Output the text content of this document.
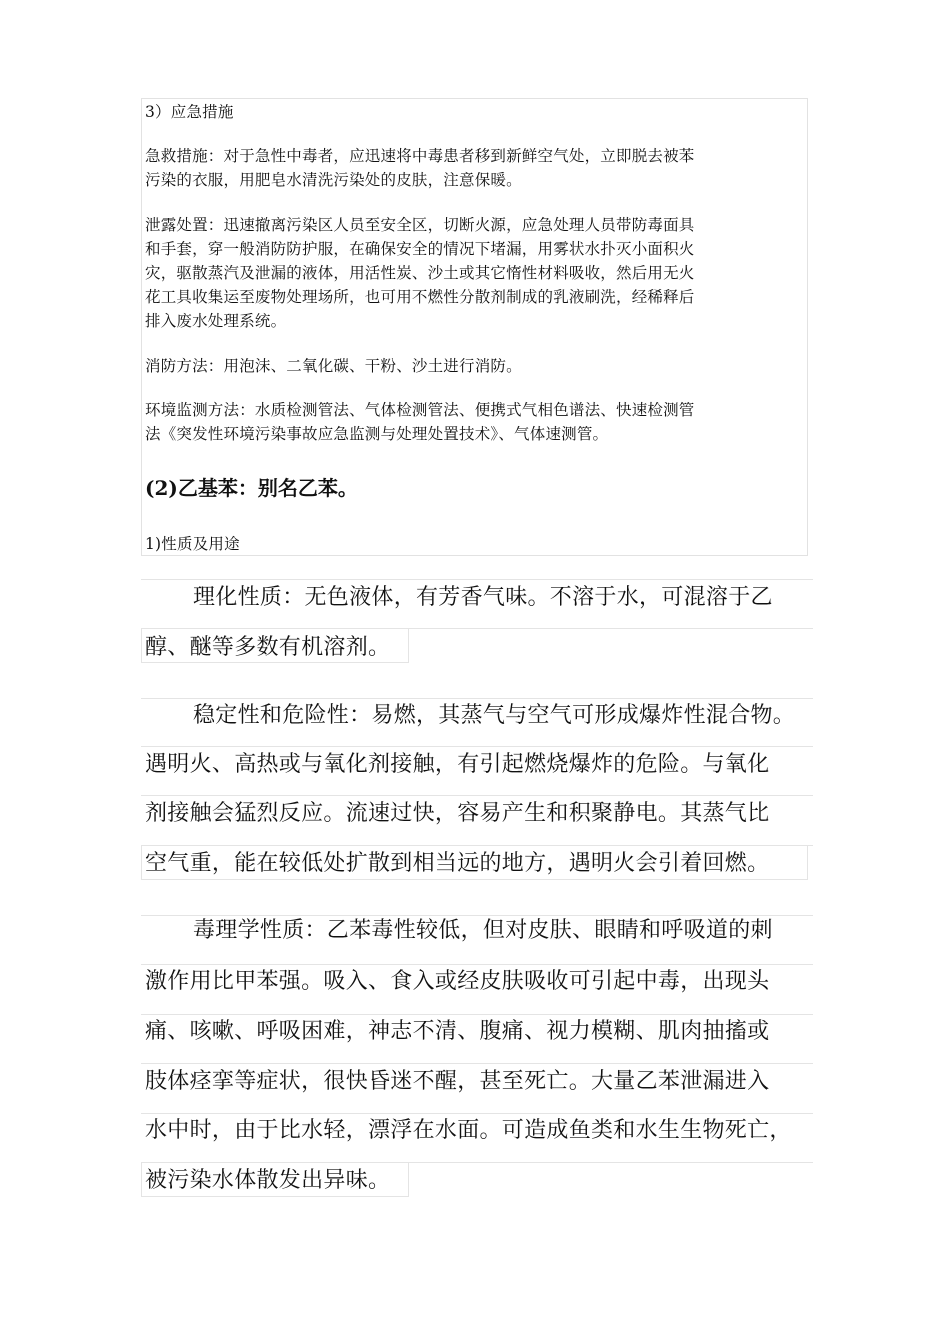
3）应急措施
急救措施：对于急性中毒者，应迅速将中毒患者移到新鲜空气处，立即脱去被苯
污染的衣服，用肥皂水清洗污染处的皮肤，注意保暖。
泄露处置：迅速撤离污染区人员至安全区，切断火源，应急处理人员带防毒面具
和手套，穿一般消防防护服，在确保安全的情况下堵漏，用雾状水扑灭小面积火
灾，驱散蒸汽及泄漏的液体，用活性炭、沙土或其它惰性材料吸收，然后用无火
花工具收集运至废物处理场所，也可用不燃性分散剂制成的乳液刷洗，经稀释后
排入废水处理系统。
消防方法：用泡沫、二氧化碳、干粉、沙土进行消防。
环境监测方法：水质检测管法、气体检测管法、便携式气相色谱法、快速检测管
法《突发性环境污染事故应急监测与处理处置技术》、气体速测管。
(2)乙基苯：别名乙苯。
1)性质及用途
理化性质：无色液体，有芳香气味。不溶于水，可混溶于乙
醇、醚等多数有机溶剂。
稳定性和危险性：易燃，其蒸气与空气可形成爆炸性混合物。
遇明火、高热或与氧化剂接触，有引起燃烧爆炸的危险。与氧化
剂接触会猛烈反应。流速过快，容易产生和积聚静电。其蒸气比
空气重，能在较低处扩散到相当远的地方，遇明火会引着回燃。
毒理学性质：乙苯毒性较低，但对皮肤、眼睛和呼吸道的刺
激作用比甲苯强。吸入、食入或经皮肤吸收可引起中毒，出现头
痛、咳嗽、呼吸困难，神志不清、腹痛、视力模糊、肌肉抽搐或
肢体痉挛等症状，很快昏迷不醒，甚至死亡。大量乙苯泄漏进入
水中时，由于比水轻，漂浮在水面。可造成鱼类和水生生物死亡，
被污染水体散发出异味。
